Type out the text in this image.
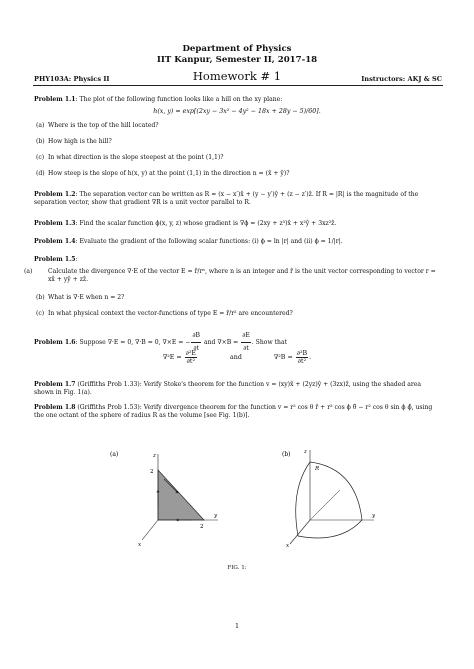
Department of Physics
IIT Kanpur, Semester II, 2017-18
PHY103A: Physics II	Homework # 1	Instructors: AKJ & SC
Problem 1.1: The plot of the following function looks like a hill on the xy plane:
h(x, y) = exp[(2xy − 3x² − 4y² − 18x + 28y − 5)/60].
(a) Where is the top of the hill located?
(b) How high is the hill?
(c) In what direction is the slope steepest at the point (1,1)?
(d) How steep is the slope of h(x, y) at the point (1,1) in the direction n = (x̂ + ŷ)?
Problem 1.2: The separation vector can be written as R = (x − x′)x̂ + (y − y′)ŷ + (z − z′)ẑ. If R = |R| is the magnitude of the separation vector, show that gradient ∇R is a unit vector parallel to R.
Problem 1.3: Find the scalar function ϕ(x, y, z) whose gradient is ∇ϕ = (2xy + z³)x̂ + x²ŷ + 3xz²ẑ.
Problem 1.4: Evaluate the gradient of the following scalar functions: (i) ϕ = ln |r| and (ii) ϕ = 1/|r|.
Problem 1.5:
(a)	Calculate the divergence ∇·E of the vector E = r̂/rⁿ, where n is an integer and r̂ is the unit vector corresponding to vector r = xx̂ + yŷ + zẑ.
(b) What is ∇·E when n = 2?
(c) In what physical context the vector-functions of type E = r̂/r² are encountered?
Problem 1.6: Suppose ∇·E = 0, ∇·B = 0, ∇×E = − $\frac{\partial B}{\partial t}$ and $\nabla\times B = \frac{\partial E}{\partial t}$ . Show that
$\nabla^2E = \frac{\text{∂²E}}{\text{∂t²}}$	and	$\nabla^2B = \frac{\text{∂²B}}{\text{∂t²}}$ .
Problem 1.7 (Griffiths Prob 1.33): Verify Stoke's theorem for the function v = (xy)x̂ + (2yz)ŷ + (3zx)ẑ, using the shaded area shown in Fig. 1(a).
Problem 1.8 (Griffiths Prob 1.53): Verify divergence theorem for the function v = r² cos θ r̂ + r² cos ϕ θ̂ − r² cos θ sin ϕ ϕ̂, using the one octant of the sphere of radius R as the volume [see Fig. 1(b)].
(a)
2
2
z
y
x
(b)
R
z
y
x
FIG. 1:
1
